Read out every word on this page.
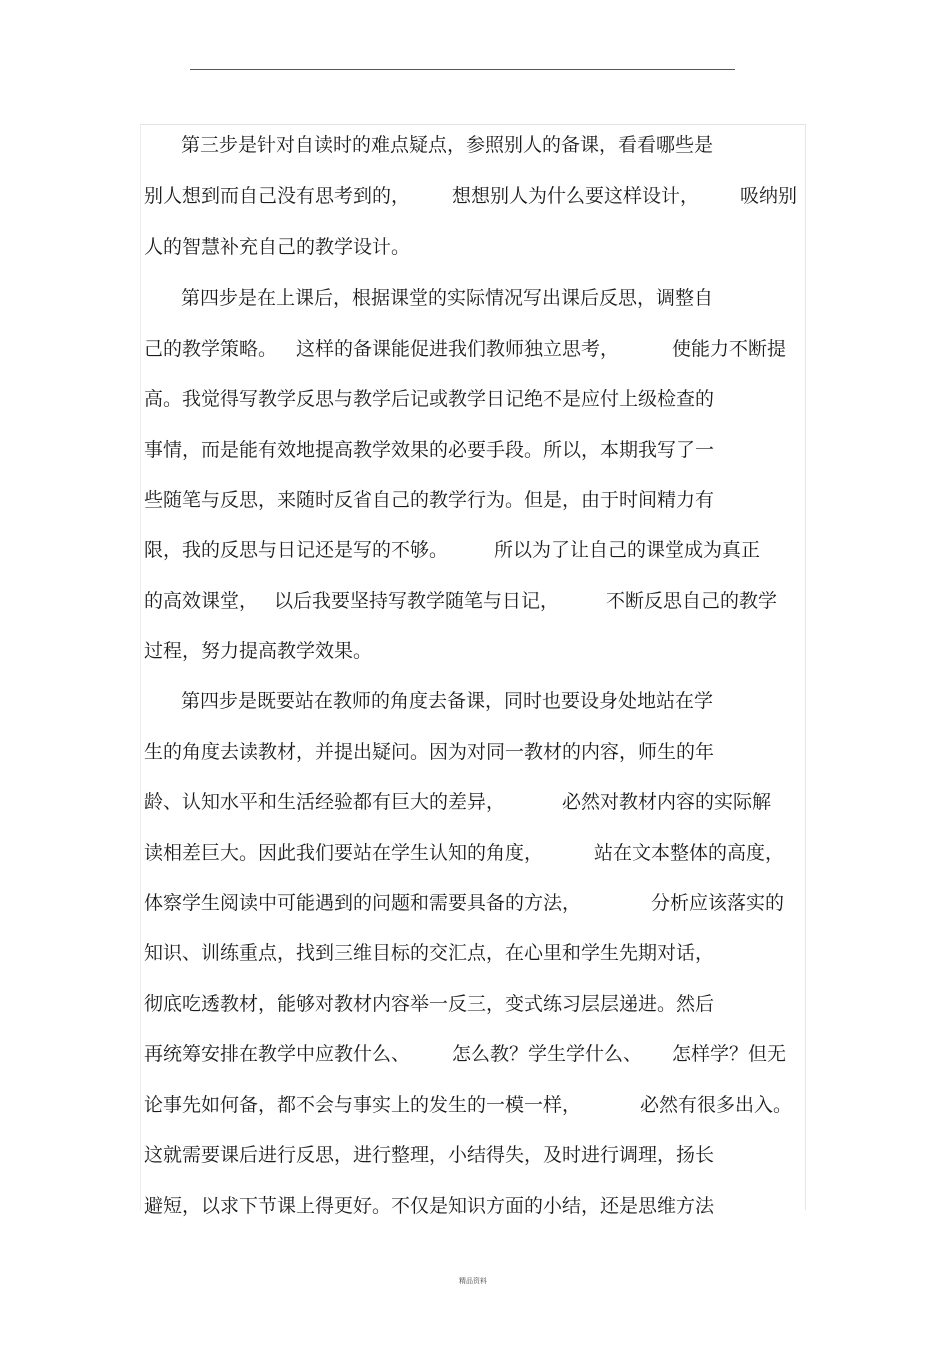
第三步是针对自读时的难点疑点，参照别人的备课，看看哪些是
别人想到而自己没有思考到的， 想想别人为什么要这样设计， 吸纳别
人的智慧补充自己的教学设计。
第四步是在上课后，根据课堂的实际情况写出课后反思，调整自
己的教学策略。 这样的备课能促进我们教师独立思考，	使能力不断提
高。我觉得写教学反思与教学后记或教学日记绝不是应付上级检查的
事情，而是能有效地提高教学效果的必要手段。所以，本期我写了一
些随笔与反思，来随时反省自己的教学行为。但是，由于时间精力有
限，我的反思与日记还是写的不够。 所以为了让自己的课堂成为真正
的高效课堂， 以后我要坚持写教学随笔与日记， 不断反思自己的教学
过程，努力提高教学效果。
第四步是既要站在教师的角度去备课，同时也要设身处地站在学
生的角度去读教材，并提出疑问。因为对同一教材的内容，师生的年
龄、认知水平和生活经验都有巨大的差异，	必然对教材内容的实际解
读相差巨大。因此我们要站在学生认知的角度，	站在文本整体的高度，
体察学生阅读中可能遇到的问题和需要具备的方法，	分析应该落实的
知识、训练重点，找到三维目标的交汇点，在心里和学生先期对话，
彻底吃透教材，能够对教材内容举一反三，变式练习层层递进。然后
再统筹安排在教学中应教什么、 怎么教？学生学什么、 怎样学？但无
论事先如何备，都不会与事实上的发生的一模一样，	必然有很多出入。
这就需要课后进行反思，进行整理，小结得失，及时进行调理，扬长
避短，以求下节课上得更好。不仅是知识方面的小结，还是思维方法
精品资料
